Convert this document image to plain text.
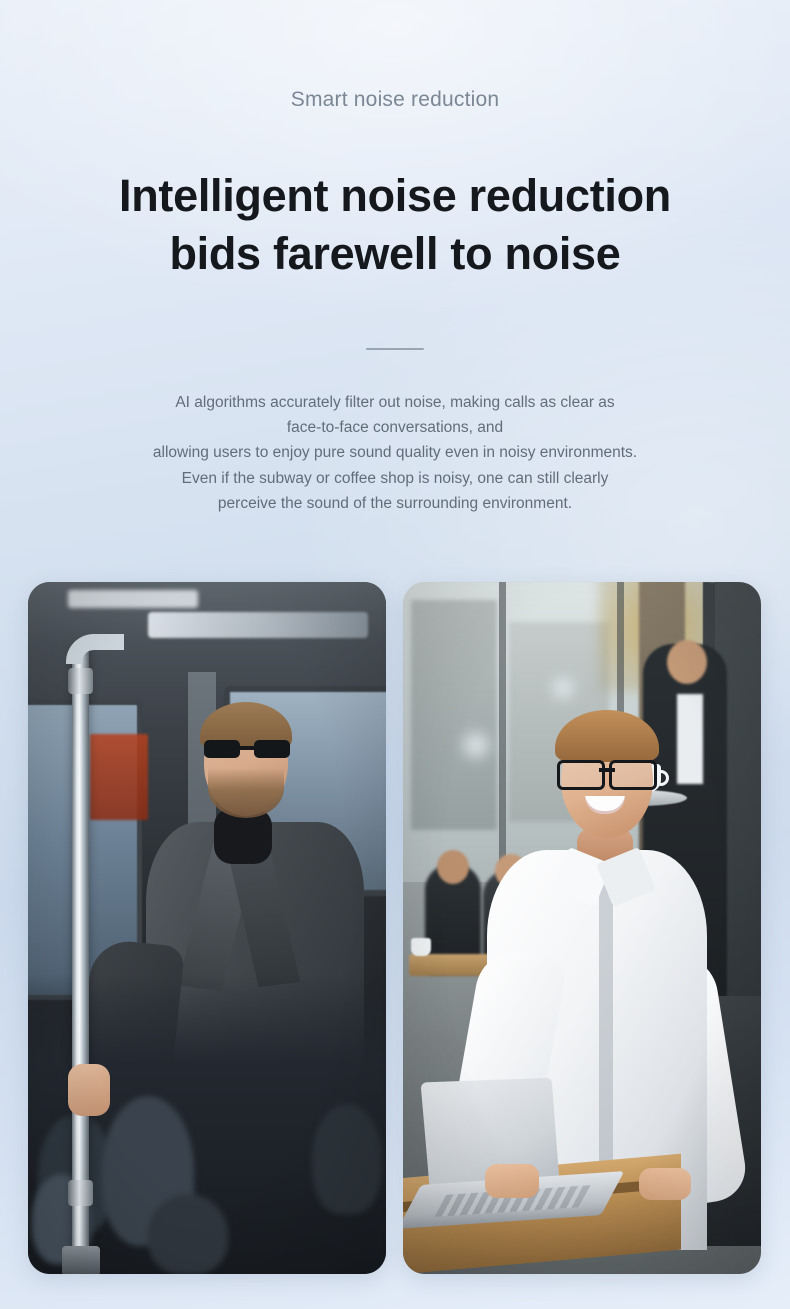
Smart noise reduction
Intelligent noise reduction
bids farewell to noise
AI algorithms accurately filter out noise, making calls as clear as
face-to-face conversations, and
allowing users to enjoy pure sound quality even in noisy environments.
Even if the subway or coffee shop is noisy, one can still clearly
perceive the sound of the surrounding environment.
